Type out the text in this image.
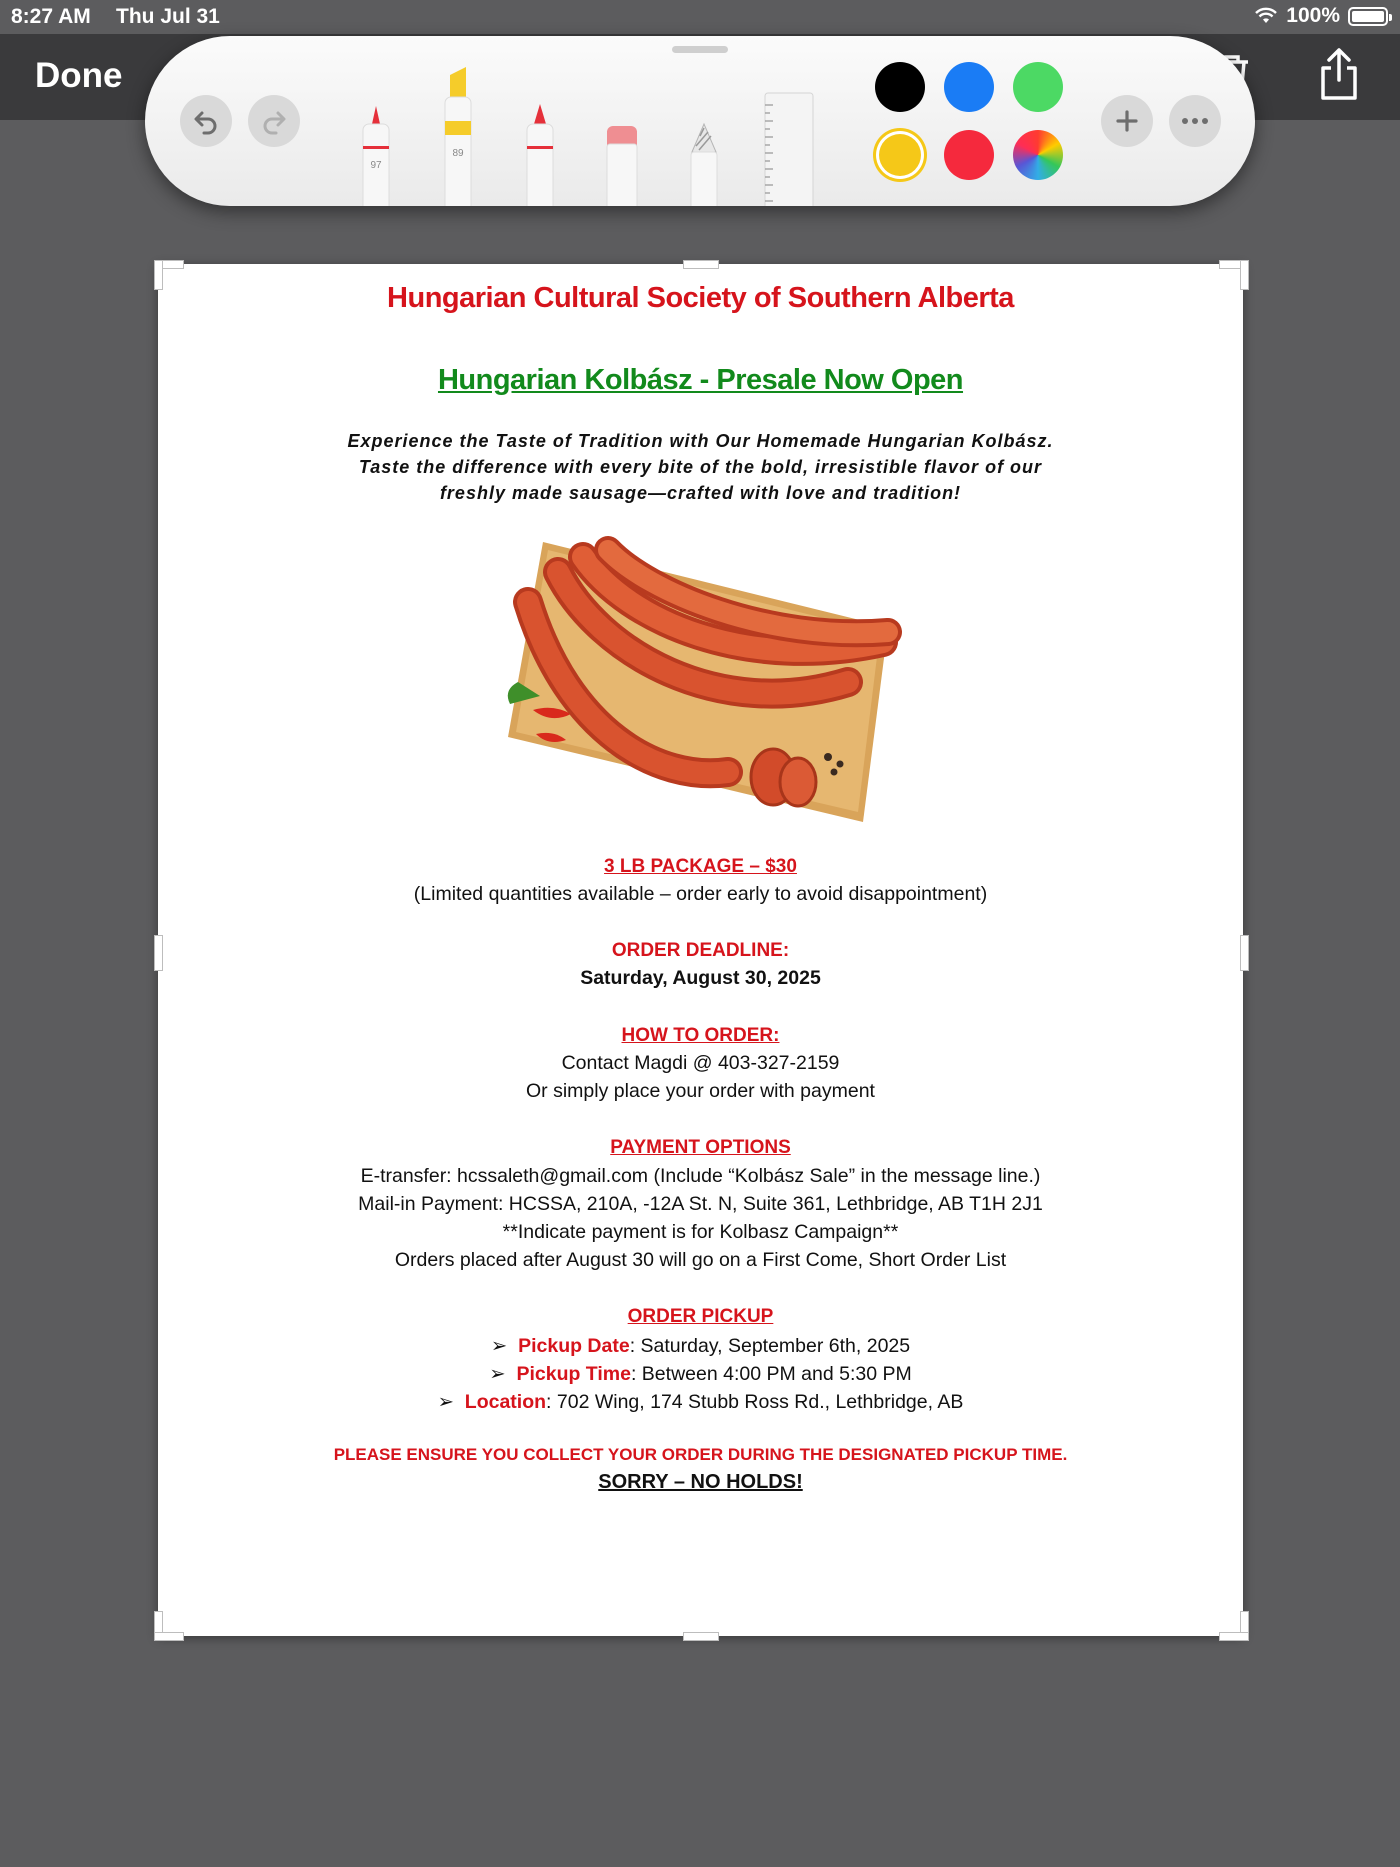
8:27 AM Thu Jul 31	100%
Done
97
89
Hungarian Cultural Society of Southern Alberta
Hungarian Kolbász - Presale Now Open
Experience the Taste of Tradition with Our Homemade Hungarian Kolbász.
Taste the difference with every bite of the bold, irresistible flavor of our
freshly made sausage—crafted with love and tradition!
3 LB PACKAGE – $30
(Limited quantities available – order early to avoid disappointment)
ORDER DEADLINE:
Saturday, August 30, 2025
HOW TO ORDER:
Contact Magdi @ 403-327-2159
Or simply place your order with payment
PAYMENT OPTIONS
E-transfer: hcssaleth@gmail.com (Include “Kolbász Sale” in the message line.)
Mail-in Payment: HCSSA, 210A, -12A St. N, Suite 361, Lethbridge, AB T1H 2J1
**Indicate payment is for Kolbasz Campaign**
Orders placed after August 30 will go on a First Come, Short Order List
ORDER PICKUP
➢  Pickup Date: Saturday, September 6th, 2025
➢  Pickup Time: Between 4:00 PM and 5:30 PM
➢  Location: 702 Wing, 174 Stubb Ross Rd., Lethbridge, AB
PLEASE ENSURE YOU COLLECT YOUR ORDER DURING THE DESIGNATED PICKUP TIME.
SORRY – NO HOLDS!
